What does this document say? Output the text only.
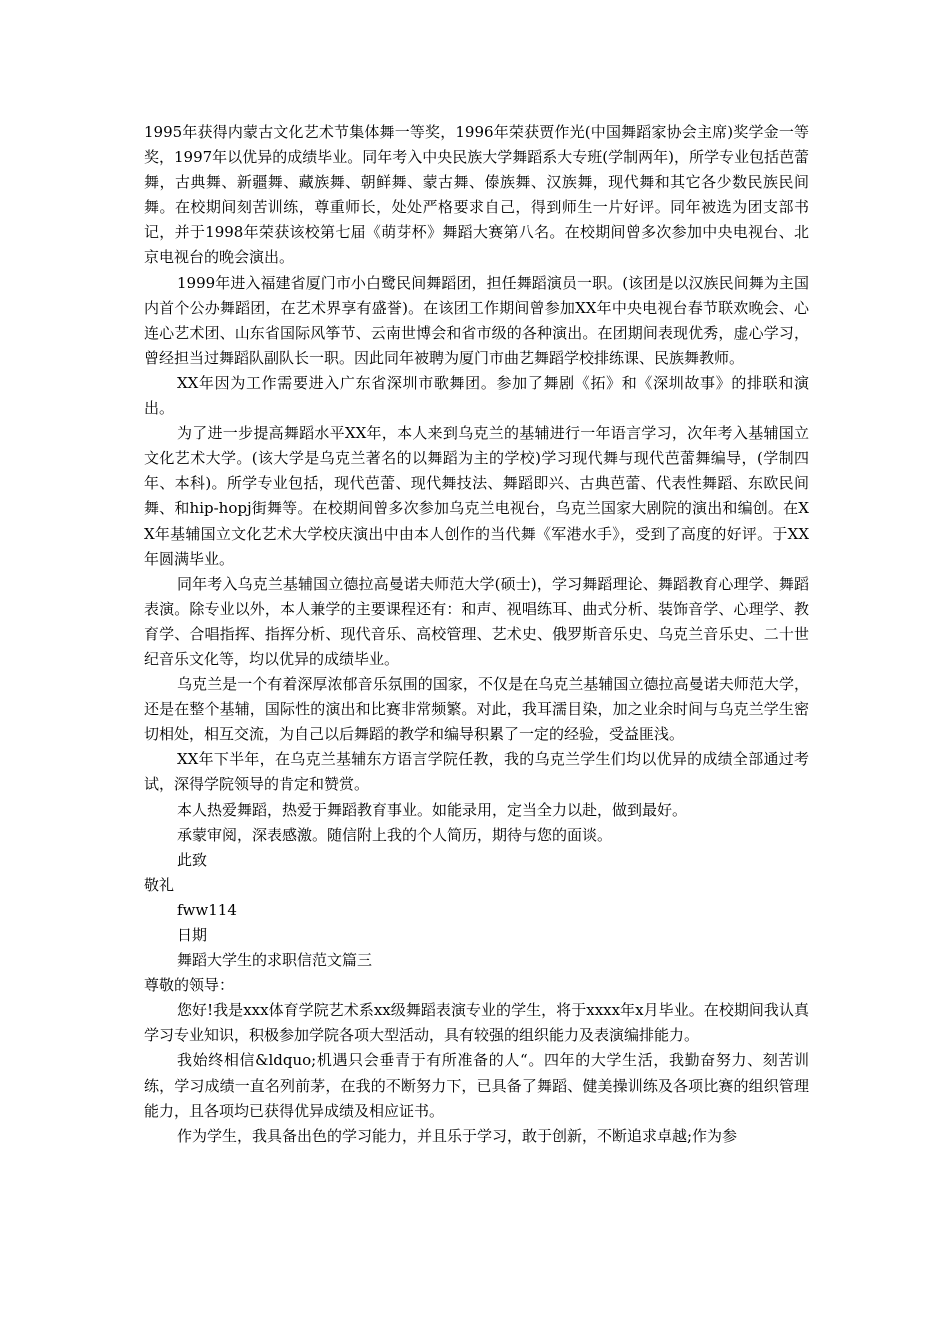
1995年获得内蒙古文化艺术节集体舞一等奖，1996年荣获贾作光(中国舞蹈家协会主席)奖学金一等奖，1997年以优异的成绩毕业。同年考入中央民族大学舞蹈系大专班(学制两年)，所学专业包括芭蕾舞，古典舞、新疆舞、藏族舞、朝鲜舞、蒙古舞、傣族舞、汉族舞，现代舞和其它各少数民族民间舞。在校期间刻苦训练，尊重师长，处处严格要求自己，得到师生一片好评。同年被选为团支部书记，并于1998年荣获该校第七届《萌芽杯》舞蹈大赛第八名。在校期间曾多次参加中央电视台、北京电视台的晚会演出。

1999年进入福建省厦门市小白鹭民间舞蹈团，担任舞蹈演员一职。(该团是以汉族民间舞为主国内首个公办舞蹈团，在艺术界享有盛誉)。在该团工作期间曾参加XX年中央电视台春节联欢晚会、心连心艺术团、山东省国际风筝节、云南世博会和省市级的各种演出。在团期间表现优秀，虚心学习，曾经担当过舞蹈队副队长一职。因此同年被聘为厦门市曲艺舞蹈学校排练课、民族舞教师。

XX年因为工作需要进入广东省深圳市歌舞团。参加了舞剧《拓》和《深圳故事》的排联和演出。

为了进一步提高舞蹈水平XX年，本人来到乌克兰的基辅进行一年语言学习，次年考入基辅国立文化艺术大学。(该大学是乌克兰著名的以舞蹈为主的学校)学习现代舞与现代芭蕾舞编导，(学制四年、本科)。所学专业包括，现代芭蕾、现代舞技法、舞蹈即兴、古典芭蕾、代表性舞蹈、东欧民间舞、和hip-hopj街舞等。在校期间曾多次参加乌克兰电视台，乌克兰国家大剧院的演出和编创。在XX年基辅国立文化艺术大学校庆演出中由本人创作的当代舞《军港水手》，受到了高度的好评。于XX年圆满毕业。

同年考入乌克兰基辅国立德拉高曼诺夫师范大学(硕士)，学习舞蹈理论、舞蹈教育心理学、舞蹈表演。除专业以外，本人兼学的主要课程还有：和声、视唱练耳、曲式分析、装饰音学、心理学、教育学、合唱指挥、指挥分析、现代音乐、高校管理、艺术史、俄罗斯音乐史、乌克兰音乐史、二十世纪音乐文化等，均以优异的成绩毕业。

乌克兰是一个有着深厚浓郁音乐氛围的国家，不仅是在乌克兰基辅国立德拉高曼诺夫师范大学，还是在整个基辅，国际性的演出和比赛非常频繁。对此，我耳濡目染，加之业余时间与乌克兰学生密切相处，相互交流，为自己以后舞蹈的教学和编导积累了一定的经验，受益匪浅。

XX年下半年，在乌克兰基辅东方语言学院任教，我的乌克兰学生们均以优异的成绩全部通过考试，深得学院领导的肯定和赞赏。

本人热爱舞蹈，热爱于舞蹈教育事业。如能录用，定当全力以赴，做到最好。

承蒙审阅，深表感激。随信附上我的个人简历，期待与您的面谈。

此致

敬礼

fww114

日期

舞蹈大学生的求职信范文篇三

尊敬的领导：

您好!我是xxx体育学院艺术系xx级舞蹈表演专业的学生，将于xxxx年x月毕业。在校期间我认真学习专业知识，积极参加学院各项大型活动，具有较强的组织能力及表演编排能力。

我始终相信&ldquo;机遇只会垂青于有所准备的人“。四年的大学生活，我勤奋努力、刻苦训练，学习成绩一直名列前茅，在我的不断努力下，已具备了舞蹈、健美操训练及各项比赛的组织管理能力，且各项均已获得优异成绩及相应证书。

作为学生，我具备出色的学习能力，并且乐于学习，敢于创新，不断追求卓越;作为参
